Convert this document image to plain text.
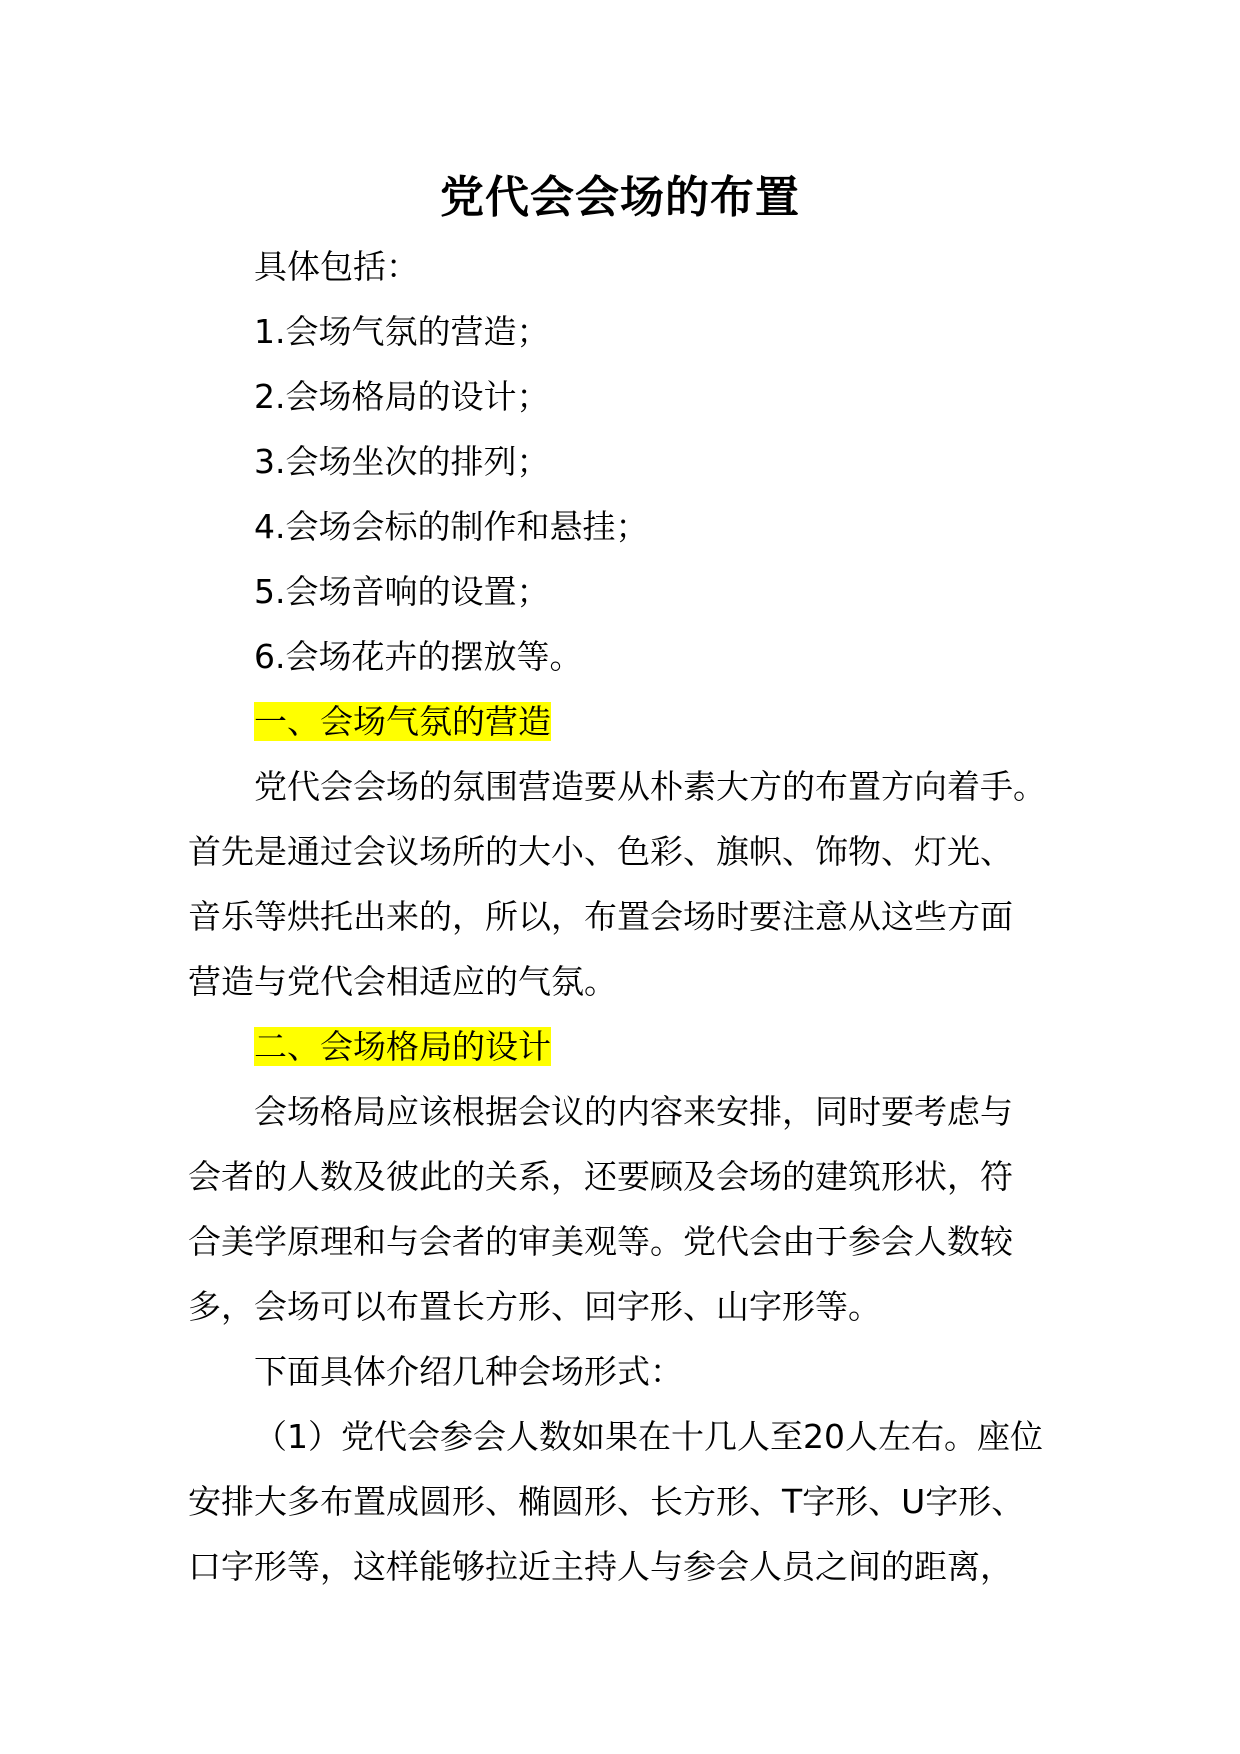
党代会会场的布置
具体包括：
1.会场气氛的营造；
2.会场格局的设计；
3.会场坐次的排列；
4.会场会标的制作和悬挂；
5.会场音响的设置；
6.会场花卉的摆放等。
一、会场气氛的营造
党代会会场的氛围营造要从朴素大方的布置方向着手。
首先是通过会议场所的大小、色彩、旗帜、饰物、灯光、
音乐等烘托出来的，所以，布置会场时要注意从这些方面
营造与党代会相适应的气氛。
二、会场格局的设计
会场格局应该根据会议的内容来安排，同时要考虑与
会者的人数及彼此的关系，还要顾及会场的建筑形状，符
合美学原理和与会者的审美观等。党代会由于参会人数较
多，会场可以布置长方形、回字形、山字形等。
下面具体介绍几种会场形式：
（1）党代会参会人数如果在十几人至20人左右。座位
安排大多布置成圆形、椭圆形、长方形、T字形、U字形、
口字形等，这样能够拉近主持人与参会人员之间的距离，
